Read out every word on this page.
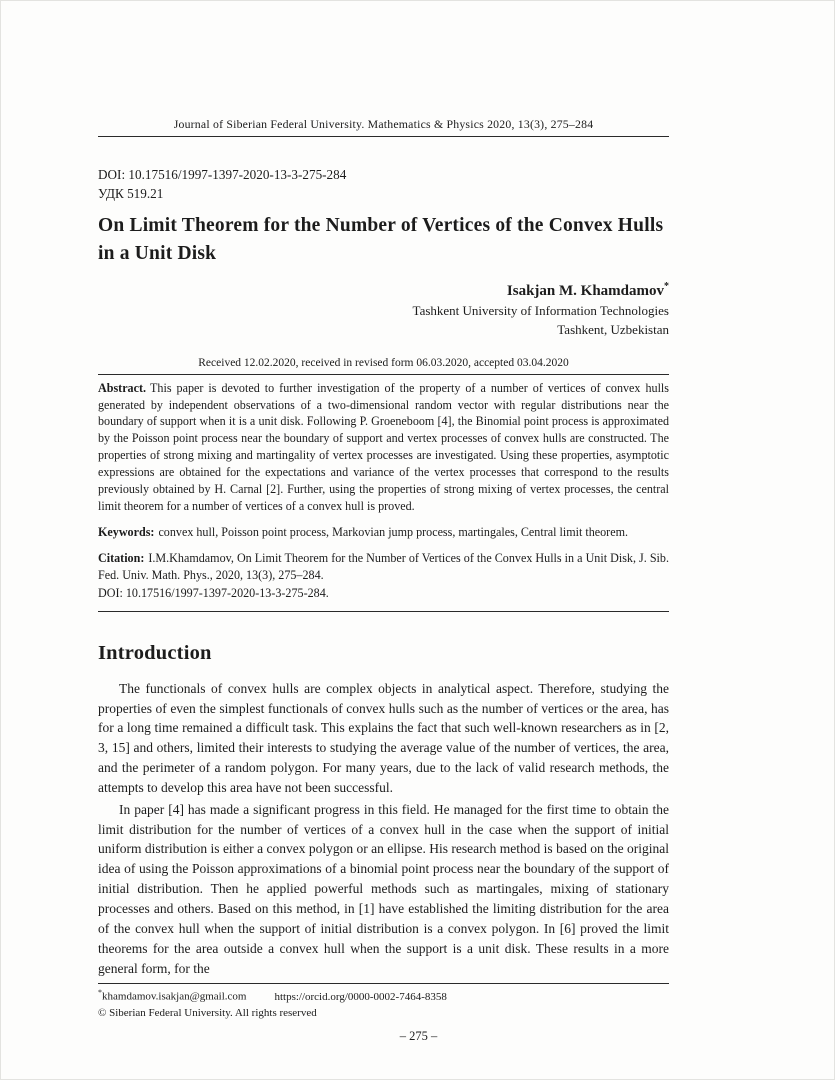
Journal of Siberian Federal University. Mathematics & Physics 2020, 13(3), 275–284
DOI: 10.17516/1997-1397-2020-13-3-275-284
УДК 519.21
On Limit Theorem for the Number of Vertices of the Convex Hulls in a Unit Disk
Isakjan M. Khamdamov*
Tashkent University of Information Technologies
Tashkent, Uzbekistan
Received 12.02.2020, received in revised form 06.03.2020, accepted 03.04.2020

Abstract. This paper is devoted to further investigation of the property of a number of vertices of convex hulls generated by independent observations of a two-dimensional random vector with regular distributions near the boundary of support when it is a unit disk. Following P. Groeneboom [4], the Binomial point process is approximated by the Poisson point process near the boundary of support and vertex processes of convex hulls are constructed. The properties of strong mixing and martingality of vertex processes are investigated. Using these properties, asymptotic expressions are obtained for the expectations and variance of the vertex processes that correspond to the results previously obtained by H. Carnal [2]. Further, using the properties of strong mixing of vertex processes, the central limit theorem for a number of vertices of a convex hull is proved.

Keywords: convex hull, Poisson point process, Markovian jump process, martingales, Central limit theorem.

Citation: I.M.Khamdamov, On Limit Theorem for the Number of Vertices of the Convex Hulls in a Unit Disk, J. Sib. Fed. Univ. Math. Phys., 2020, 13(3), 275–284.

DOI: 10.17516/1997-1397-2020-13-3-275-284.
Introduction

The functionals of convex hulls are complex objects in analytical aspect. Therefore, studying the properties of even the simplest functionals of convex hulls such as the number of vertices or the area, has for a long time remained a difficult task. This explains the fact that such well-known researchers as in [2, 3, 15] and others, limited their interests to studying the average value of the number of vertices, the area, and the perimeter of a random polygon. For many years, due to the lack of valid research methods, the attempts to develop this area have not been successful.

In paper [4] has made a significant progress in this field. He managed for the first time to obtain the limit distribution for the number of vertices of a convex hull in the case when the support of initial uniform distribution is either a convex polygon or an ellipse. His research method is based on the original idea of using the Poisson approximations of a binomial point process near the boundary of the support of initial distribution. Then he applied powerful methods such as martingales, mixing of stationary processes and others. Based on this method, in [1] have established the limiting distribution for the area of the convex hull when the support of initial distribution is a convex polygon. In [6] proved the limit theorems for the area outside a convex hull when the support is a unit disk. These results in a more general form, for the

*khamdamov.isakjan@gmail.com	https://orcid.org/0000-0002-7464-8358
© Siberian Federal University. All rights reserved
– 275 –
